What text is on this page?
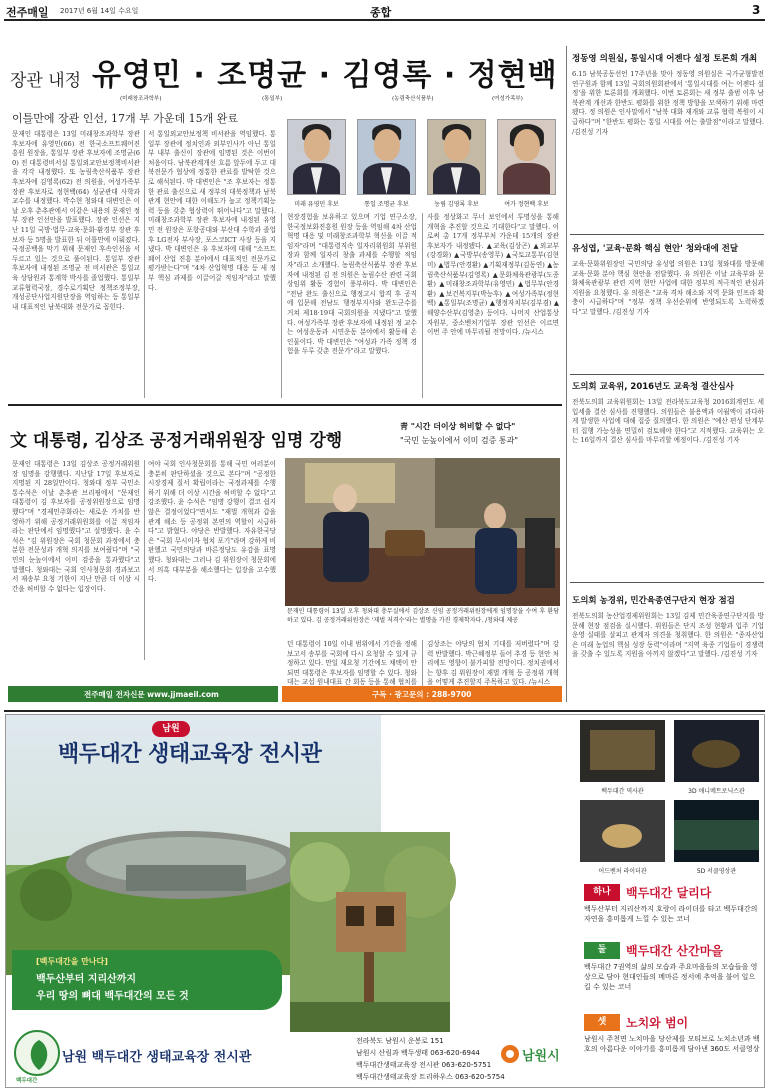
전주매일 2017년 6월 14일 수요일	종합	3
장관 내정 유영민 · 조명균 · 김영록 · 정현백
(미래창조과학부)	(통일부)	(농림축산식품부)	(여성가족부)
이틀만에 장관 인선, 17개 부 가운데 15개 완료
미래 유영민 후보	통일 조명균 후보	농림 김영록 후보	여가 정현백 후보
문재인 대통령은 13일 미래창조과학부 장관 후보자에 유영민(66) 전 한국소프트웨어진흥원 원장을, 통일부 장관 후보자에 조명균(60) 전 대통령비서실 통일외교안보정책비서관을 각각 내정했다. 또 농림축산식품부 장관 후보자에 김영록(62) 전 의원을, 여성가족부 장관 후보자로 정현백(64) 성균관대 사학과 교수를 내정했다. 박수현 청와대 대변인은 이날 오후 춘추관에서 이같은 내용의 문재인 정부 장관 인선안을 발표했다. 장관 인선은 지난 11일 국방·법무·교육·문화·환경부 장관 후보자 등 5명을 발표한 뒤 이틀만에 이뤄졌다. 국정공백을 막기 위해 문재인 후속인선을 서두르고 있는 것으로 풀이된다. 통일부 장관 후보자에 내정된 조명균 전 비서관은 통일교육 상담원과 통계학 박사를 졸업했다. 통일부 교류협력국장, 경수로기획단 정책조정부장, 개성공단사업지원단장을 역임하는 등 통일부 내 대표적인 남북대화 전문가로 꼽힌다.
서 통일외교안보정책 비서관을 역임했다. 통일부 장관에 정치인과 외부인사가 아닌 통일부 내부 출신이 장관에 임명된 것은 이번이 처음이다. 남북관계개선 흐름 앞두에 두고 대북전문가 협상에 정통한 관료를 발탁한 것으로 해석된다. 박 대변인은 "조 후보자는 정통한 관료 출신으로 새 정부의 대북정책과 남북관계 현안에 대한 이해도가 높고 정책기획능력 등을 갖춘 협상력이 뛰어나다"고 말했다. 미래창조과학부 장관 후보자에 내정된 유영민 전 원장은 포항공대와 부산대 수학과 졸업 후 LG전자 부사장, 포스코ICT 사장 등을 지냈다. 박 대변인은 유 후보자에 대해 "소프트웨어 산업 진흥 분야에서 대표적인 전문가로 평가받는다"며 "4차 산업혁명 대응 등 새 정부 핵심 과제를 이끌어갈 적임자"라고 말했다.
현장경험을 보유하고 있으며 기업 연구소장, 한국정보화진흥원 원장 등을 역임해 4차 산업혁명 대응 및 미래창조과학부 혁신을 이끌 적임자"라며 "대통령직속 일자리위원회 부위원장과 함께 일자리 창출 과제를 수행할 적임자"라고 소개했다. 농림축산식품부 장관 후보자에 내정된 김 전 의원은 농림수산 관련 국회 상임위 활동 경험이 풍부하다. 박 대변인은 "전남 완도 출신으로 행정고시 합격 후 공직에 입문해 전남도 행정부지사와 완도군수를 거쳐 제18·19대 국회의원을 지냈다"고 말했다. 여성가족부 장관 후보자에 내정된 정 교수는 여성운동과 시민운동 분야에서 활동해 온 인물이다. 박 대변인은 "여성과 가족 정책 경험을 두루 갖춘 전문가"라고 말했다.
사를 정상화고 무너 보인에서 투명성을 통해 개혁을 추진할 것으로 기대한다"고 말했다. 이로써 총 17개 정부부처 가운데 15개의 장관 후보자가 내정됐다. ▲교육(김상곤) ▲외교부(강경화) ▲국방부(송영무) ▲국토교통부(김현미) ▲법무(안경환) ▲기획재정부(김동연) ▲농림축산식품부(김영록) ▲문화체육관광부(도종환) ▲미래창조과학부(유영민) ▲법무부(안경환) ▲보건복지부(박능후) ▲여성가족부(정현백) ▲통일부(조명균) ▲행정자치부(김부겸) ▲해양수산부(김영춘) 등이다. 나머지 산업통상자원부, 중소벤처기업부 장관 인선은 이르면 이번 주 안에 마무리될 전망이다. /뉴시스
文 대통령, 김상조 공정거래위원장 임명 강행
靑 "시간 더이상 허비할 수 없다"
"국민 눈높이에서 이미 검증 통과"
문재인 대통령은 13일 김상조 공정거래위원장 임명을 강행했다. 지난달 17일 후보자로 지명된 지 28일만이다. 청와대 정부 국민소통수석은 이날 춘추관 브리핑에서 "문재인 대통령이 김 후보자를 공정위원장으로 임명했다"며 "경제민주화라는 새로운 가치를 반영하기 위해 공정거래위원회를 이끌 적임자라는 판단에서 임명했다"고 설명했다. 윤 수석은 "김 위원장은 국회 청문회 과정에서 충분한 전문성과 개혁 의지를 보여줬다"며 "국민의 눈높이에서 이미 검증을 통과했다"고 말했다. 청와대는 국회 인사청문회 경과보고서 재송부 요청 기한이 지난 만큼 더 이상 시간을 허비할 수 없다는 입장이다.
여야 국회 인사청문회를 통해 국민 여러분이 충분히 판단하셨을 것으로 본다"며 "공정한 시장경제 질서 확립이라는 국정과제를 수행하기 위해 더 이상 시간을 허비할 수 없다"고 강조했다. 윤 수석은 "임명 강행이 결코 쉽지 않은 결정이었다"면서도 "재벌 개혁과 갑을 관계 해소 등 공정위 본연의 역할이 시급하다"고 밝혔다. 야당은 반발했다. 자유한국당은 "국회 무시이자 협치 포기"라며 강하게 비판했고 국민의당과 바른정당도 유감을 표명했다. 청와대는 그러나 김 위원장이 청문회에서 의혹 대부분을 해소했다는 입장을 고수했다.
문재인 대통령이 13일 오후 청와대 충무실에서 김상조 신임 공정거래위원장에게 임명장을 수여 후 환담하고 있다. 김 공정거래위원장은 '재벌 저격수'라는 별명을 가진 경제학자다. /청와대 제공
던 대통령이 10일 이내 범위에서 기간을 정해 보고서 송부를 국회에 다시 요청할 수 있게 규정하고 있다. 만일 재요청 기간에도 채택이 안 되면 대통령은 후보자를 임명할 수 있다. 청와대는 교섭 원내대표 간 회동 등을 통해 협치를
김상조는 야당의 협치 기대를 저버렸다"며 강력 반발했다. 박근혜정부 들어 추경 등 현안 처리에도 영향이 불가피할 전망이다. 정치권에서는 향후 김 위원장이 재벌 개혁 등 공정위 개혁을 어떻게 추진할지 주목하고 있다. /뉴시스
전주매일 전자신문 www.jjmaeil.com	구독 · 광고문의 : 288-9700
정동영 의원실, 통일시대 어젠다 설정 토론회 개최
6.15 남북공동선언 17주년을 맞아 정동영 의원실은 국가균형발전연구원과 함께 13일 국회의원회관에서 '통일시대를 여는 어젠다 설정'을 위한 토론회를 개최했다. 이번 토론회는 새 정부 출범 이후 남북관계 개선과 한반도 평화를 위한 정책 방향을 모색하기 위해 마련됐다. 정 의원은 인사말에서 "남북 대화 재개와 교류 협력 복원이 시급하다"며 "한반도 평화는 통일 시대를 여는 출발점"이라고 말했다. /김진성 기자
유성엽, '교육·문화 핵심 현안' 청와대에 전달
교육·문화위원장인 국민의당 유성엽 의원은 13일 청와대를 방문해 교육·문화 분야 핵심 현안을 전달했다. 유 의원은 이날 교육부와 문화체육관광부 관련 지역 현안 사업에 대한 정부의 적극적인 관심과 지원을 요청했다. 유 의원은 "교육 격차 해소와 지역 문화 인프라 확충이 시급하다"며 "정부 정책 우선순위에 반영되도록 노력하겠다"고 말했다. /김진성 기자
도의회 교육위, 2016년도 교육청 결산심사
전북도의회 교육위원회는 13일 전라북도교육청 2016회계연도 세입세출 결산 심사를 진행했다. 의원들은 불용액과 이월액이 과다하게 발생한 사업에 대해 집중 질의했다. 한 의원은 "예산 편성 단계부터 집행 가능성을 면밀히 검토해야 한다"고 지적했다. 교육위는 오는 16일까지 결산 심사를 마무리할 예정이다. /김진성 기자
도의회 농경위, 민간육종연구단지 현장 점검
전북도의회 농산업경제위원회는 13일 김제 민간육종연구단지를 방문해 현장 점검을 실시했다. 위원들은 단지 조성 현황과 입주 기업 운영 실태를 살피고 관계자 의견을 청취했다. 한 의원은 "종자산업은 미래 농업의 핵심 성장 동력"이라며 "지역 육종 기업들이 경쟁력을 갖출 수 있도록 지원을 아끼지 않겠다"고 말했다. /김진성 기자
남원
백두대간 생태교육장 전시관
[백두대간을 만나다]
백두산부터 지리산까지
우리 땅의 뼈대 백두대간의 모든 것
백두대간
남원 백두대간 생태교육장 전시관
전라북도 남원시 운봉로 151
남원시 산림과 백두생태 063-620-6944
백두대간생태교육장 전시관 063-620-5751
백두대간생태교육장 트리하우스 063-620-5754
남원시
백두대간 역사관	3D 애니메트로닉스관
어드벤처 라이더관	5D 서클영상관
하나	백두대간 달리다
백두산부터 지리산까지 호랑이 라이더를 타고 백두대간의 자연을 흥미롭게 느낄 수 있는 코너
둘	백두대간 산간마을
백두대간 7권역의 삶의 모습과 주요마을들의 모습들을 영상으로 담아 현대인들의 메마른 정서에 추억을 불어 일으킬 수 있는 코너
셋	노치와 범이
남원시 주천면 노치마을 당산제를 모티브로 노치소년과 백호의 아름다운 이야기를 흥미롭게 담아낸 360도 서클영상
